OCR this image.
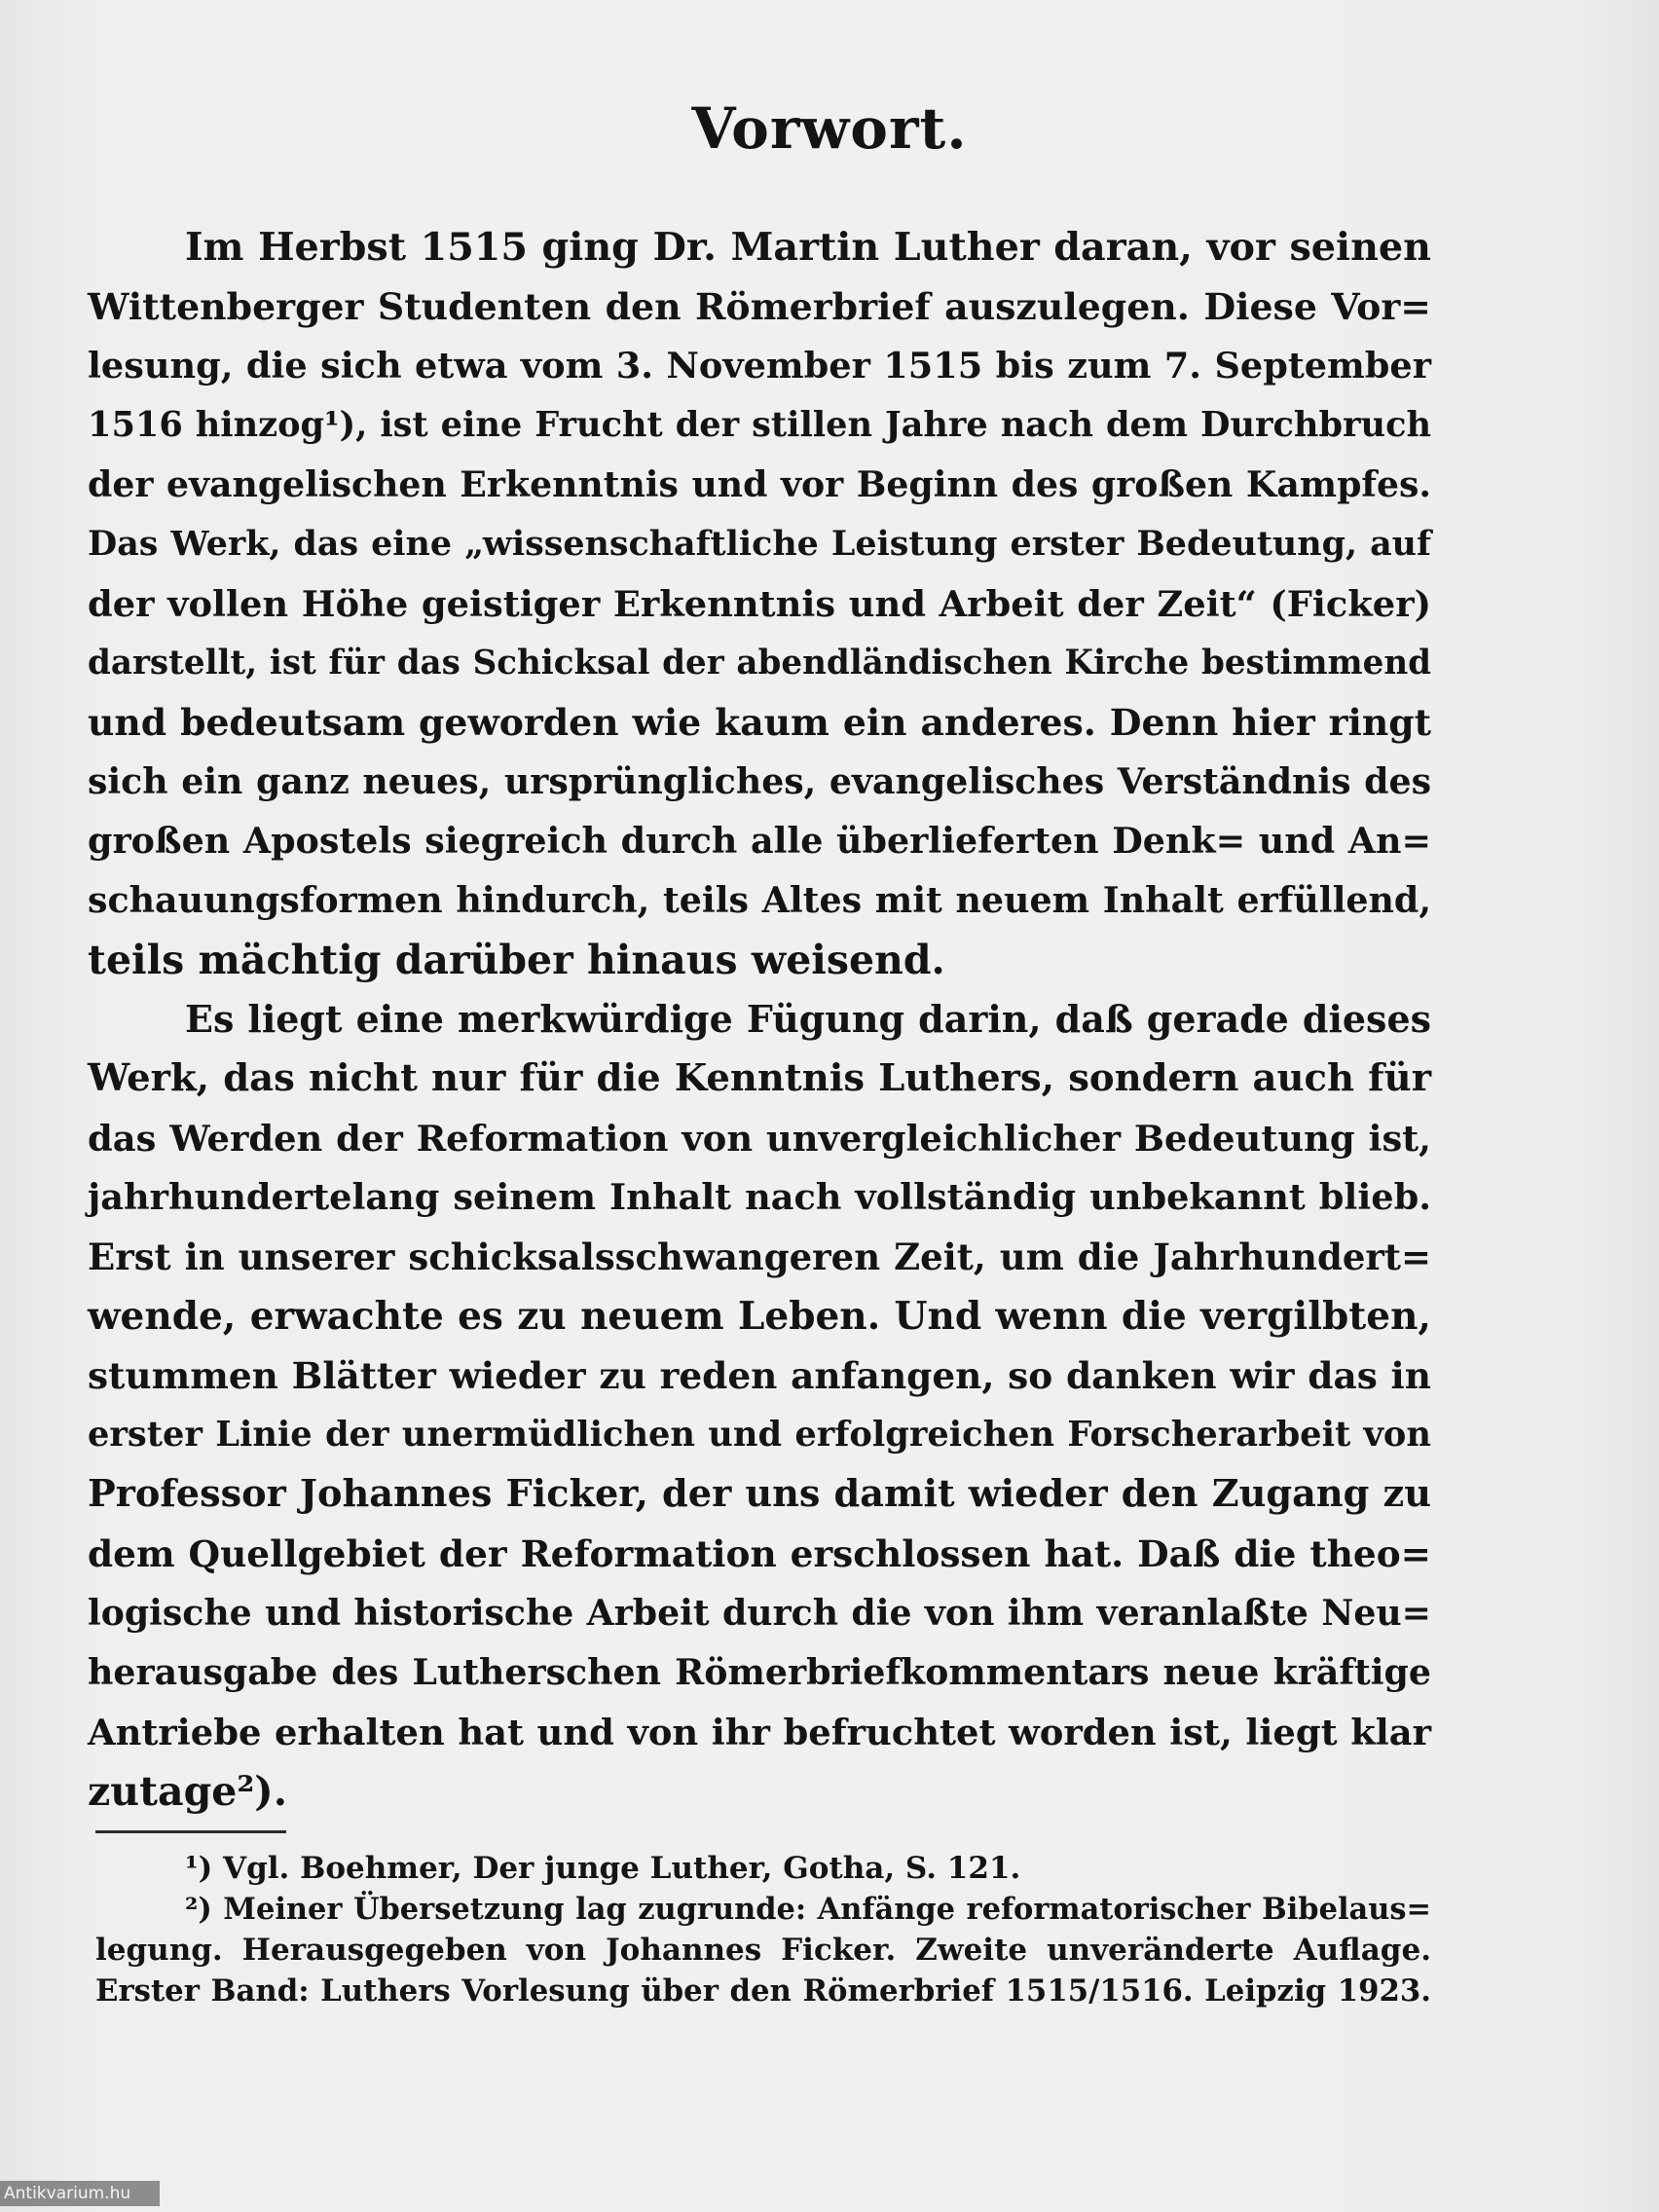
Vorwort.
Im Herbst 1515 ging Dr. Martin Luther daran, vor seinen
Wittenberger Studenten den Römerbrief auszulegen. Diese Vor=
lesung, die sich etwa vom 3. November 1515 bis zum 7. September
1516 hinzog¹), ist eine Frucht der stillen Jahre nach dem Durchbruch
der evangelischen Erkenntnis und vor Beginn des großen Kampfes.
Das Werk, das eine „wissenschaftliche Leistung erster Bedeutung, auf
der vollen Höhe geistiger Erkenntnis und Arbeit der Zeit“ (Ficker)
darstellt, ist für das Schicksal der abendländischen Kirche bestimmend
und bedeutsam geworden wie kaum ein anderes. Denn hier ringt
sich ein ganz neues, ursprüngliches, evangelisches Verständnis des
großen Apostels siegreich durch alle überlieferten Denk= und An=
schauungsformen hindurch, teils Altes mit neuem Inhalt erfüllend,
teils mächtig darüber hinaus weisend.
Es liegt eine merkwürdige Fügung darin, daß gerade dieses
Werk, das nicht nur für die Kenntnis Luthers, sondern auch für
das Werden der Reformation von unvergleichlicher Bedeutung ist,
jahrhundertelang seinem Inhalt nach vollständig unbekannt blieb.
Erst in unserer schicksalsschwangeren Zeit, um die Jahrhundert=
wende, erwachte es zu neuem Leben. Und wenn die vergilbten,
stummen Blätter wieder zu reden anfangen, so danken wir das in
erster Linie der unermüdlichen und erfolgreichen Forscherarbeit von
Professor Johannes Ficker, der uns damit wieder den Zugang zu
dem Quellgebiet der Reformation erschlossen hat. Daß die theo=
logische und historische Arbeit durch die von ihm veranlaßte Neu=
herausgabe des Lutherschen Römerbriefkommentars neue kräftige
Antriebe erhalten hat und von ihr befruchtet worden ist, liegt klar
zutage²).
¹) Vgl. Boehmer, Der junge Luther, Gotha, S. 121.
²) Meiner Übersetzung lag zugrunde: Anfänge reformatorischer Bibelaus=
legung. Herausgegeben von Johannes Ficker. Zweite unveränderte Auflage.
Erster Band: Luthers Vorlesung über den Römerbrief 1515/1516. Leipzig 1923.
Antikvarium.hu
